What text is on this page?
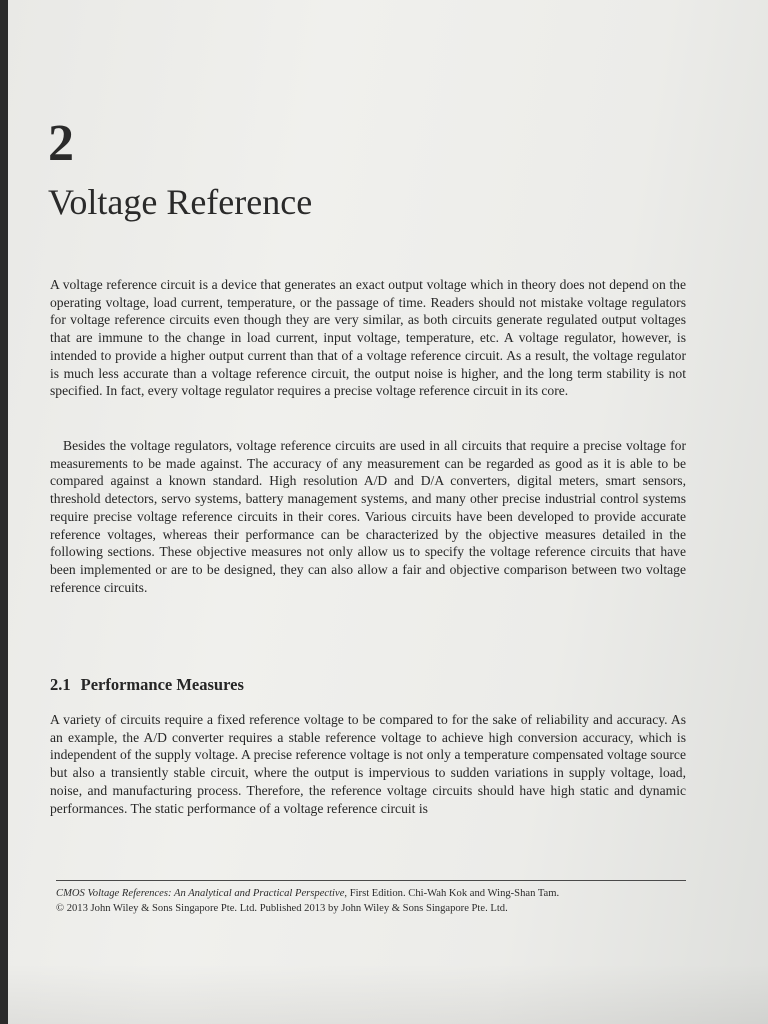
2
Voltage Reference

A voltage reference circuit is a device that generates an exact output voltage which in theory does not depend on the operating voltage, load current, temperature, or the passage of time. Readers should not mistake voltage regulators for voltage reference circuits even though they are very similar, as both circuits generate regulated output voltages that are immune to the change in load current, input voltage, temperature, etc. A voltage regulator, however, is intended to provide a higher output current than that of a voltage reference circuit. As a result, the voltage regulator is much less accurate than a voltage reference circuit, the output noise is higher, and the long term stability is not specified. In fact, every voltage regulator requires a precise voltage reference circuit in its core.

Besides the voltage regulators, voltage reference circuits are used in all circuits that require a precise voltage for measurements to be made against. The accuracy of any measurement can be regarded as good as it is able to be compared against a known standard. High resolution A/D and D/A converters, digital meters, smart sensors, threshold detectors, servo systems, battery management systems, and many other precise industrial control systems require precise voltage reference circuits in their cores. Various circuits have been developed to provide accurate reference voltages, whereas their performance can be characterized by the objective measures detailed in the following sections. These objective measures not only allow us to specify the voltage reference circuits that have been implemented or are to be designed, they can also allow a fair and objective comparison between two voltage reference circuits.

2.1 Performance Measures

A variety of circuits require a fixed reference voltage to be compared to for the sake of reliability and accuracy. As an example, the A/D converter requires a stable reference voltage to achieve high conversion accuracy, which is independent of the supply voltage. A precise reference voltage is not only a temperature compensated voltage source but also a transiently stable circuit, where the output is impervious to sudden variations in supply voltage, load, noise, and manufacturing process. Therefore, the reference voltage circuits should have high static and dynamic performances. The static performance of a voltage reference circuit is

CMOS Voltage References: An Analytical and Practical Perspective, First Edition. Chi-Wah Kok and Wing-Shan Tam.
© 2013 John Wiley & Sons Singapore Pte. Ltd. Published 2013 by John Wiley & Sons Singapore Pte. Ltd.
